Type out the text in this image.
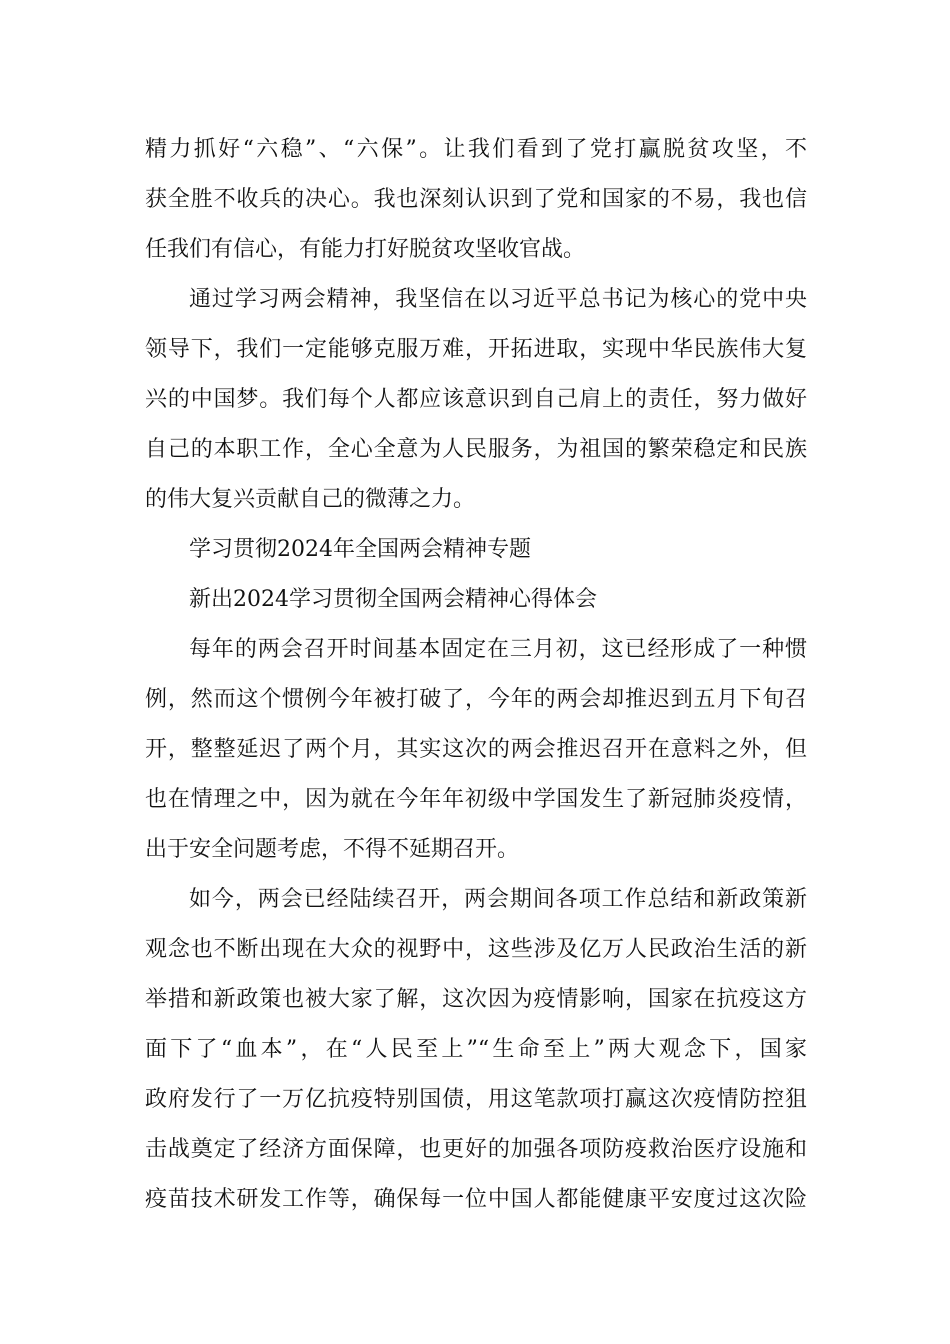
精力抓好“六稳”、“六保”。让我们看到了党打赢脱贫攻坚，不
获全胜不收兵的决心。我也深刻认识到了党和国家的不易，我也信
任我们有信心，有能力打好脱贫攻坚收官战。
通过学习两会精神，我坚信在以习近平总书记为核心的党中央
领导下，我们一定能够克服万难，开拓进取，实现中华民族伟大复
兴的中国梦。我们每个人都应该意识到自己肩上的责任，努力做好
自己的本职工作，全心全意为人民服务，为祖国的繁荣稳定和民族
的伟大复兴贡献自己的微薄之力。
学习贯彻2024年全国两会精神专题
新出2024学习贯彻全国两会精神心得体会
每年的两会召开时间基本固定在三月初，这已经形成了一种惯
例，然而这个惯例今年被打破了，今年的两会却推迟到五月下旬召
开，整整延迟了两个月，其实这次的两会推迟召开在意料之外，但
也在情理之中，因为就在今年年初级中学国发生了新冠肺炎疫情，
出于安全问题考虑，不得不延期召开。
如今，两会已经陆续召开，两会期间各项工作总结和新政策新
观念也不断出现在大众的视野中，这些涉及亿万人民政治生活的新
举措和新政策也被大家了解，这次因为疫情影响，国家在抗疫这方
面下了“血本”，在“人民至上”“生命至上”两大观念下，国家
政府发行了一万亿抗疫特别国债，用这笔款项打赢这次疫情防控狙
击战奠定了经济方面保障，也更好的加强各项防疫救治医疗设施和
疫苗技术研发工作等，确保每一位中国人都能健康平安度过这次险
